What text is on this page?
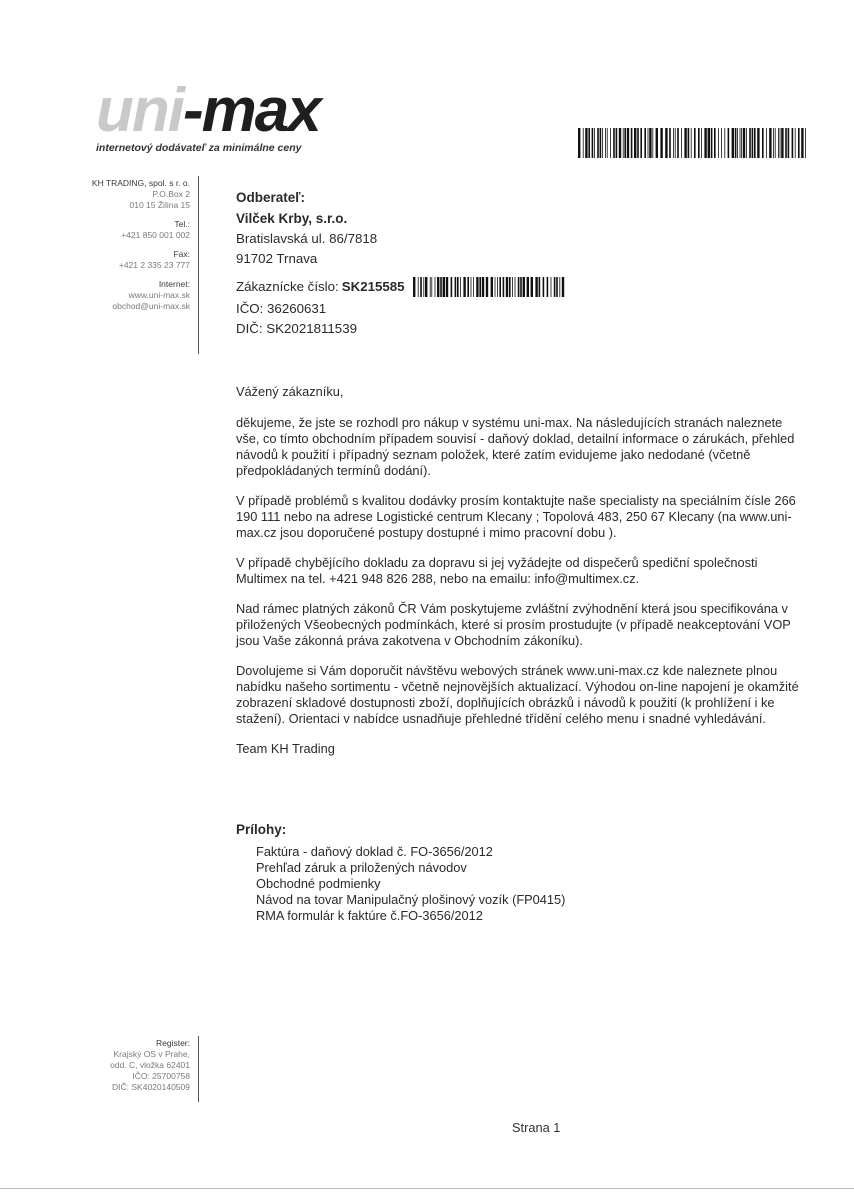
uni-max
internetový dodávateľ za minimálne ceny
KH TRADING, spol. s r. o.
P.O.Box 2
010 15 Žilina 15
Tel.:
+421 850 001 002
Fax:
+421 2 335 23 777
Internet:
www.uni-max.sk
obchod@uni-max.sk
Register:
Krajský OS v Prahe,
odd. C, vložka 62401
IČO: 25700758
DIČ: SK4020140509
Odberateľ:
Vilček Krby, s.r.o.
Bratislavská ul. 86/7818
91702 Trnava
Zákaznícke číslo: SK215585
IČO: 36260631
DIČ: SK2021811539

Vážený zákazníku,

děkujeme, že jste se rozhodl pro nákup v systému uni-max. Na následujících stranách naleznete vše, co tímto obchodním případem souvisí - daňový doklad, detailní informace o zárukách, přehled návodů k použití i případný seznam položek, které zatím evidujeme jako nedodané (včetně předpokládaných termínů dodání).

V případě problémů s kvalitou dodávky prosím kontaktujte naše specialisty na speciálním čísle 266 190 111 nebo na adrese Logistické centrum Klecany ; Topolová 483, 250 67 Klecany (na www.uni-max.cz jsou doporučené postupy dostupné i mimo pracovní dobu ).

V případě chybějícího dokladu za dopravu si jej vyžádejte od dispečerů spediční společnosti Multimex na tel. +421 948 826 288, nebo na emailu: info@multimex.cz.

Nad rámec platných zákonů ČR Vám poskytujeme zvláštní zvýhodnění která jsou specifikována v přiložených Všeobecných podmínkách, které si prosím prostudujte (v případě neakceptování VOP jsou Vaše zákonná práva zakotvena v Obchodním zákoníku).

Dovolujeme si Vám doporučit návštěvu webových stránek www.uni-max.cz kde naleznete plnou nabídku našeho sortimentu - včetně nejnovějších aktualizací. Výhodou on-line napojení je okamžité zobrazení skladové dostupnosti zboží, doplňujících obrázků i návodů k použití (k prohlížení i ke stažení). Orientaci v nabídce usnadňuje přehledné třídění celého menu i snadné vyhledávání.

Team KH Trading

Prílohy:
Faktúra - daňový doklad č. FO-3656/2012
Prehľad záruk a priložených návodov
Obchodné podmienky
Návod na tovar Manipulačný plošinový vozík (FP0415)
RMA formulár k faktúre č.FO-3656/2012
Strana 1
